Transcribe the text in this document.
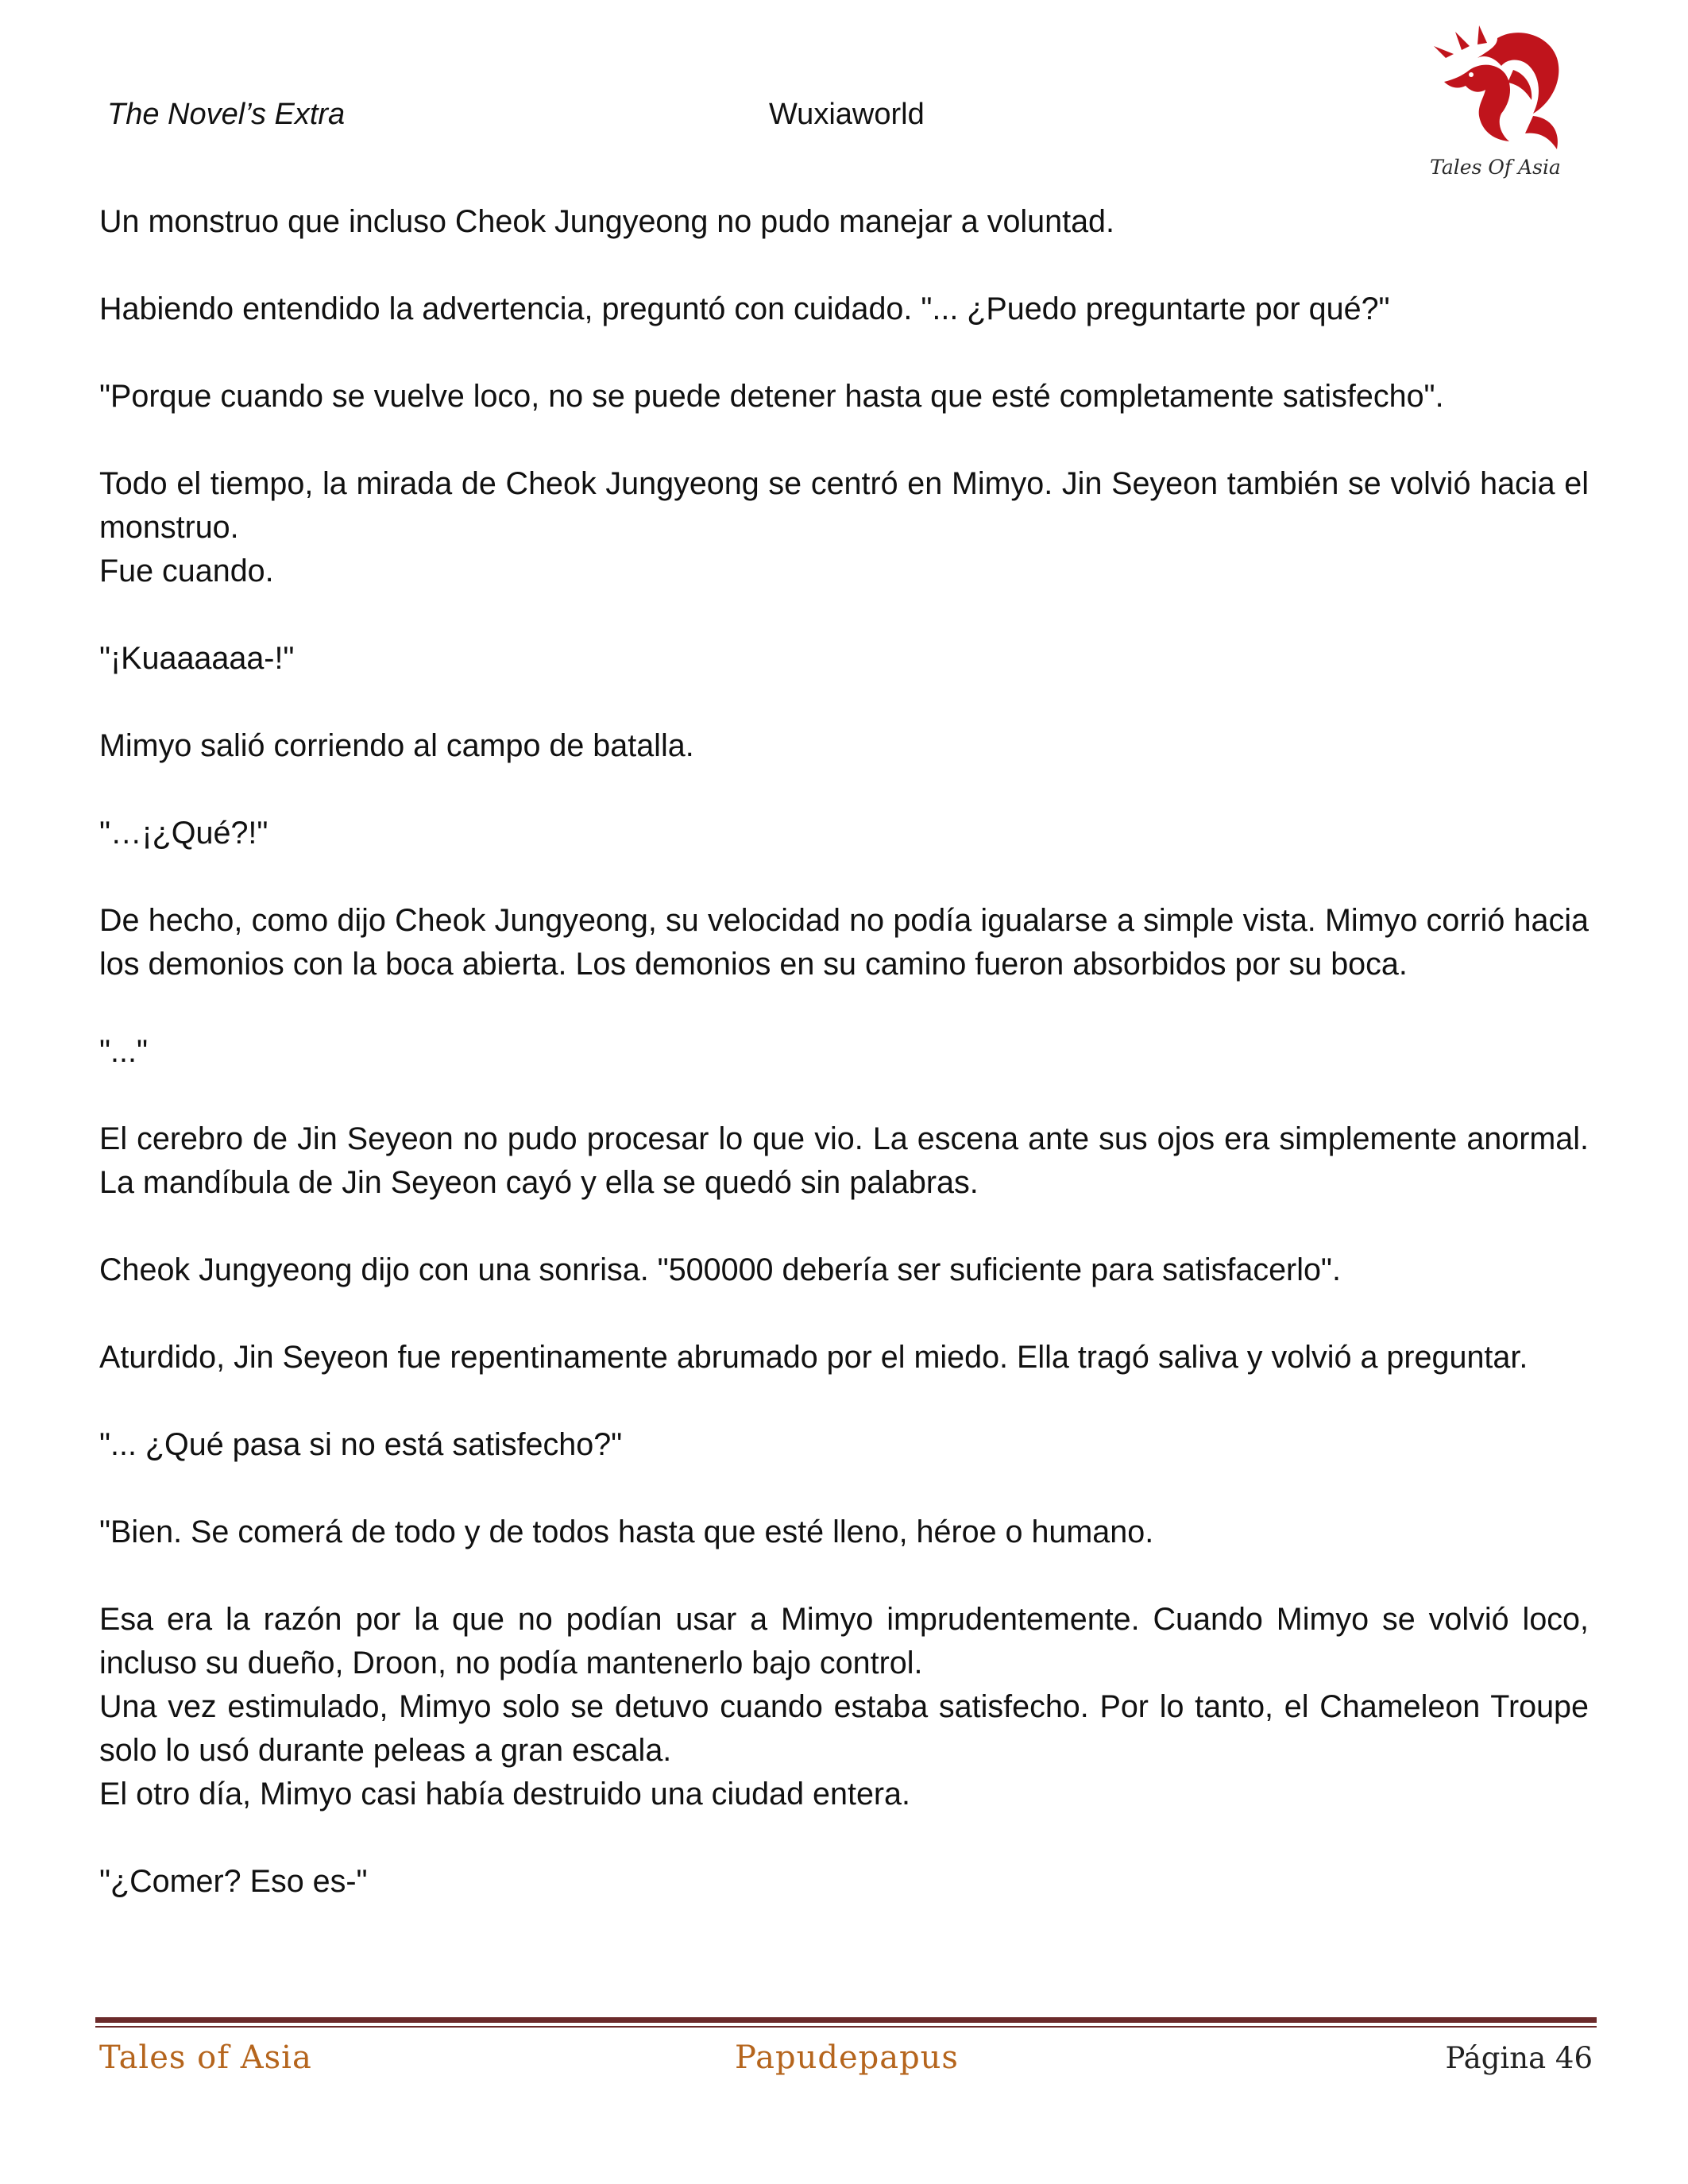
The Novel’s Extra	Wuxiaworld
Tales Of Asia
Un monstruo que incluso Cheok Jungyeong no pudo manejar a voluntad.
Habiendo entendido la advertencia, preguntó con cuidado. "... ¿Puedo preguntarte por qué?"
"Porque cuando se vuelve loco, no se puede detener hasta que esté completamente satisfecho".
Todo el tiempo, la mirada de Cheok Jungyeong se centró en Mimyo. Jin Seyeon también se volvió hacia el monstruo.
Fue cuando.
"¡Kuaaaaaa-!"
Mimyo salió corriendo al campo de batalla.
"…¡¿Qué?!"
De hecho, como dijo Cheok Jungyeong, su velocidad no podía igualarse a simple vista. Mimyo corrió hacia los demonios con la boca abierta. Los demonios en su camino fueron absorbidos por su boca.
"..."
El cerebro de Jin Seyeon no pudo procesar lo que vio. La escena ante sus ojos era simplemente anormal. La mandíbula de Jin Seyeon cayó y ella se quedó sin palabras.
Cheok Jungyeong dijo con una sonrisa. "500000 debería ser suficiente para satisfacerlo".
Aturdido, Jin Seyeon fue repentinamente abrumado por el miedo. Ella tragó saliva y volvió a preguntar.
"... ¿Qué pasa si no está satisfecho?"
"Bien. Se comerá de todo y de todos hasta que esté lleno, héroe o humano.
Esa era la razón por la que no podían usar a Mimyo imprudentemente. Cuando Mimyo se volvió loco, incluso su dueño, Droon, no podía mantenerlo bajo control.
Una vez estimulado, Mimyo solo se detuvo cuando estaba satisfecho. Por lo tanto, el Chameleon Troupe solo lo usó durante peleas a gran escala.
El otro día, Mimyo casi había destruido una ciudad entera.
"¿Comer? Eso es-"
Tales of Asia	Papudepapus	Página 46
